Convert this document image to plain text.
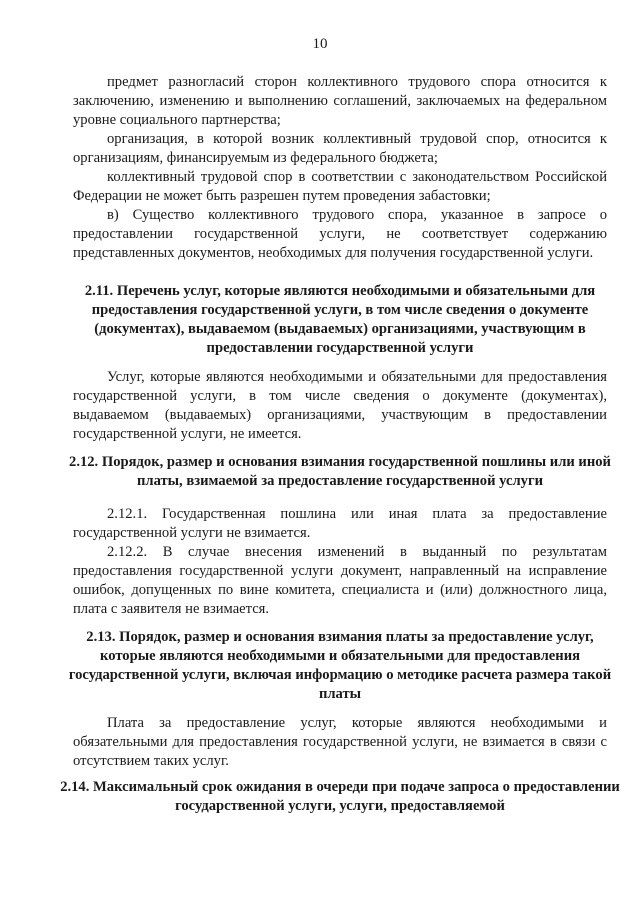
10

предмет разногласий сторон коллективного трудового спора относится к заключению, изменению и выполнению соглашений, заключаемых на федеральном уровне социального партнерства;

организация, в которой возник коллективный трудовой спор, относится к организациям, финансируемым из федерального бюджета;

коллективный трудовой спор в соответствии с законодательством Российской Федерации не может быть разрешен путем проведения забастовки;

в) Существо коллективного трудового спора, указанное в запросе о предоставлении государственной услуги, не соответствует содержанию представленных документов, необходимых для получения государственной услуги.

2.11. Перечень услуг, которые являются необходимыми и обязательными для предоставления государственной услуги, в том числе сведения о документе (документах), выдаваемом (выдаваемых) организациями, участвующим в предоставлении государственной услуги

Услуг, которые являются необходимыми и обязательными для предоставления государственной услуги, в том числе сведения о документе (документах), выдаваемом (выдаваемых) организациями, участвующим в предоставлении государственной услуги, не имеется.

2.12. Порядок, размер и основания взимания государственной пошлины или иной платы, взимаемой за предоставление государственной услуги

2.12.1. Государственная пошлина или иная плата за предоставление государственной услуги не взимается.

2.12.2. В случае внесения изменений в выданный по результатам предоставления государственной услуги документ, направленный на исправление ошибок, допущенных по вине комитета, специалиста и (или) должностного лица, плата с заявителя не взимается.

2.13. Порядок, размер и основания взимания платы за предоставление услуг, которые являются необходимыми и обязательными для предоставления государственной услуги, включая информацию о методике расчета размера такой платы

Плата за предоставление услуг, которые являются необходимыми и обязательными для предоставления государственной услуги, не взимается в связи с отсутствием таких услуг.

2.14. Максимальный срок ожидания в очереди при подаче запроса о предоставлении государственной услуги, услуги, предоставляемой
